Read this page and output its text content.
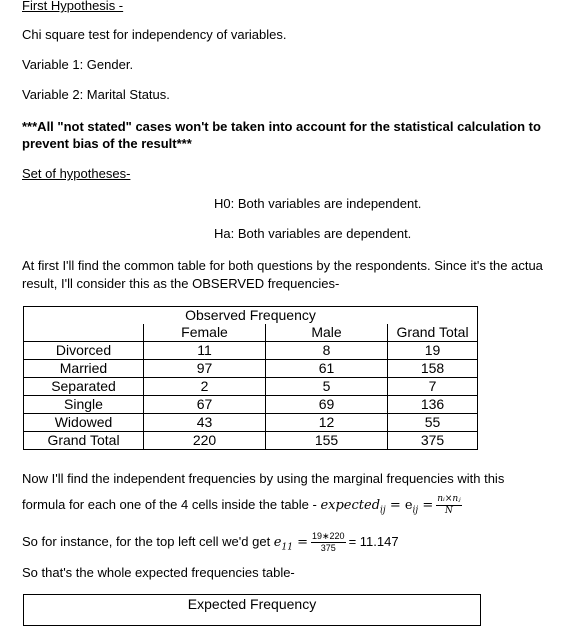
First Hypothesis -
Chi square test for independency of variables.
Variable 1: Gender.
Variable 2: Marital Status.
***All "not stated" cases won't be taken into account for the statistical calculation to
prevent bias of the result***
Set of hypotheses-
H0: Both variables are independent.
Ha: Both variables are dependent.
At first I'll find the common table for both questions by the respondents. Since it's the actua
result, I'll consider this as the OBSERVED frequencies-
Observed Frequency			
	Female	Male	Grand Total
Divorced	11	8	19
Married	97	61	158
Separated	2	5	7
Single	67	69	136
Widowed	43	12	55
Grand Total	220	155	375
Now I'll find the independent frequencies by using the marginal frequencies with this
formula for each one of the 4 cells inside the table - expected$_{ij}$ = $e_{ij} = \frac{\text{nᵢ×nⱼ}}{N}$
So for instance, for the top left cell we'd get $e_{11} = \frac{19∗220}{375} = 11.147$
So that's the whole expected frequencies table-
Expected Frequency
